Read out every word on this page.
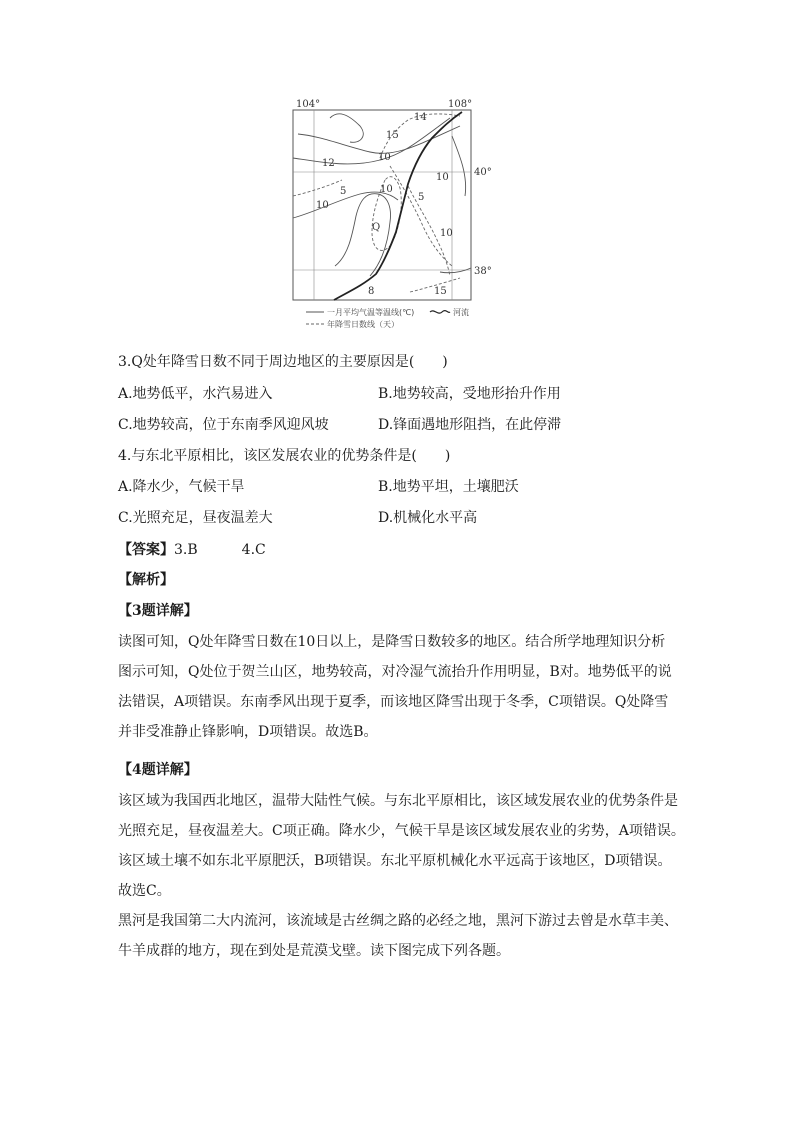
104°	108°
40°
38°
15
14
12
10
10
5	10
5
Q
10
10
8	15
一月平均气温等温线(℃)	河流
年降雪日数线（天）
3.Q处年降雪日数不同于周边地区的主要原因是(　　)
A.地势低平，水汽易进入	B.地势较高，受地形抬升作用
C.地势较高，位于东南季风迎风坡	D.锋面遇地形阻挡，在此停滞
4.与东北平原相比，该区发展农业的优势条件是(　　)
A.降水少，气候干旱	B.地势平坦，土壤肥沃
C.光照充足，昼夜温差大	D.机械化水平高
【答案】3.B	4.C
【解析】
【3题详解】
读图可知，Q处年降雪日数在10日以上，是降雪日数较多的地区。结合所学地理知识分析
图示可知，Q处位于贺兰山区，地势较高，对冷湿气流抬升作用明显，B对。地势低平的说
法错误，A项错误。东南季风出现于夏季，而该地区降雪出现于冬季，C项错误。Q处降雪
并非受准静止锋影响，D项错误。故选B。
【4题详解】
该区域为我国西北地区，温带大陆性气候。与东北平原相比，该区域发展农业的优势条件是
光照充足，昼夜温差大。C项正确。降水少，气候干旱是该区域发展农业的劣势，A项错误。
该区域土壤不如东北平原肥沃，B项错误。东北平原机械化水平远高于该地区，D项错误。
故选C。
黑河是我国第二大内流河，该流域是古丝绸之路的必经之地，黑河下游过去曾是水草丰美、
牛羊成群的地方，现在到处是荒漠戈壁。读下图完成下列各题。
